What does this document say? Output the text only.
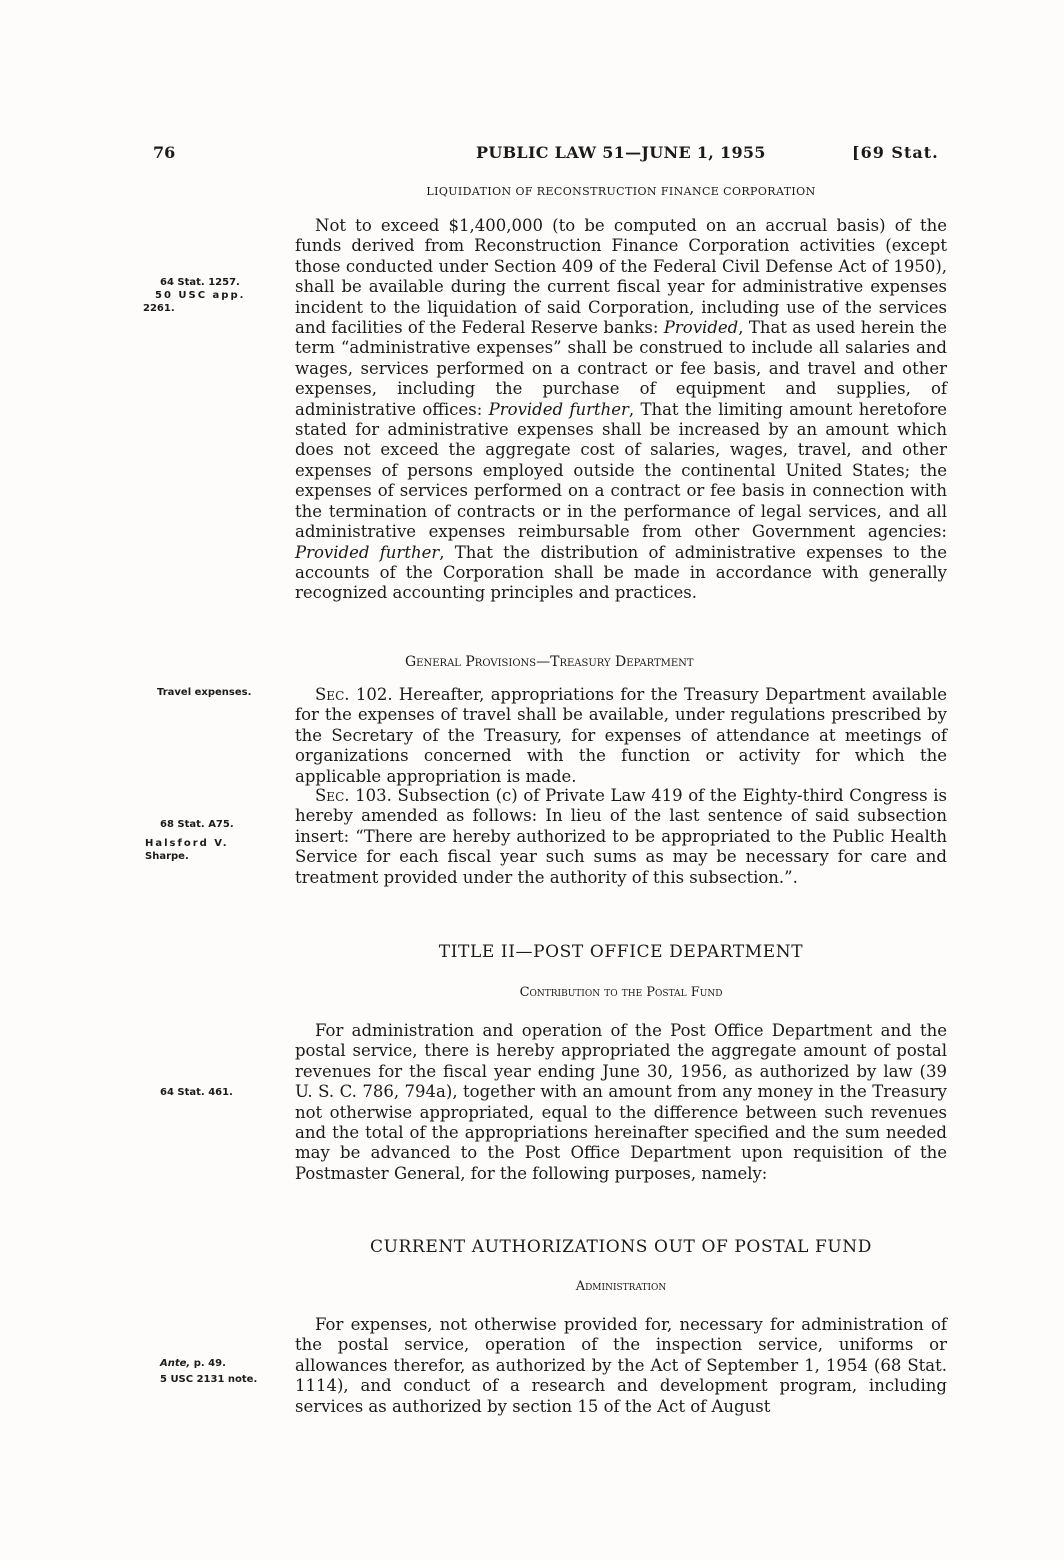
76	PUBLIC LAW 51—JUNE 1, 1955	[69 Stat.
LIQUIDATION OF RECONSTRUCTION FINANCE CORPORATION
64 Stat. 1257.
50 USC app.
2261.
Not to exceed $1,400,000 (to be computed on an accrual basis) of the funds derived from Reconstruction Finance Corporation activities (except those conducted under Section 409 of the Federal Civil Defense Act of 1950), shall be available during the current fiscal year for administrative expenses incident to the liquidation of said Corporation, including use of the services and facilities of the Federal Reserve banks: Provided, That as used herein the term “administrative expenses” shall be construed to include all salaries and wages, services performed on a contract or fee basis, and travel and other expenses, including the purchase of equipment and supplies, of administrative offices: Provided further, That the limiting amount heretofore stated for administrative expenses shall be increased by an amount which does not exceed the aggregate cost of salaries, wages, travel, and other expenses of persons employed outside the continental United States; the expenses of services performed on a contract or fee basis in connection with the termination of contracts or in the performance of legal services, and all administrative expenses reimbursable from other Government agencies: Provided further, That the distribution of administrative expenses to the accounts of the Corporation shall be made in accordance with generally recognized accounting principles and practices.
General Provisions—Treasury Department
Travel expenses.	Sec. 102. Hereafter, appropriations for the Treasury Department available for the expenses of travel shall be available, under regulations prescribed by the Secretary of the Treasury, for expenses of attendance at meetings of organizations concerned with the function or activity for which the applicable appropriation is made.
68 Stat. A75.
Halsford V.
Sharpe.
Sec. 103. Subsection (c) of Private Law 419 of the Eighty-third Congress is hereby amended as follows: In lieu of the last sentence of said subsection insert: “There are hereby authorized to be appropriated to the Public Health Service for each fiscal year such sums as may be necessary for care and treatment provided under the authority of this subsection.”.
TITLE II—POST OFFICE DEPARTMENT
Contribution to the Postal Fund
64 Stat. 461.
For administration and operation of the Post Office Department and the postal service, there is hereby appropriated the aggregate amount of postal revenues for the fiscal year ending June 30, 1956, as authorized by law (39 U. S. C. 786, 794a), together with an amount from any money in the Treasury not otherwise appropriated, equal to the difference between such revenues and the total of the appropriations hereinafter specified and the sum needed may be advanced to the Post Office Department upon requisition of the Postmaster General, for the following purposes, namely:
CURRENT AUTHORIZATIONS OUT OF POSTAL FUND
Administration
Ante, p. 49.
5 USC 2131 note.
For expenses, not otherwise provided for, necessary for administration of the postal service, operation of the inspection service, uniforms or allowances therefor, as authorized by the Act of September 1, 1954 (68 Stat. 1114), and conduct of a research and development program, including services as authorized by section 15 of the Act of August
